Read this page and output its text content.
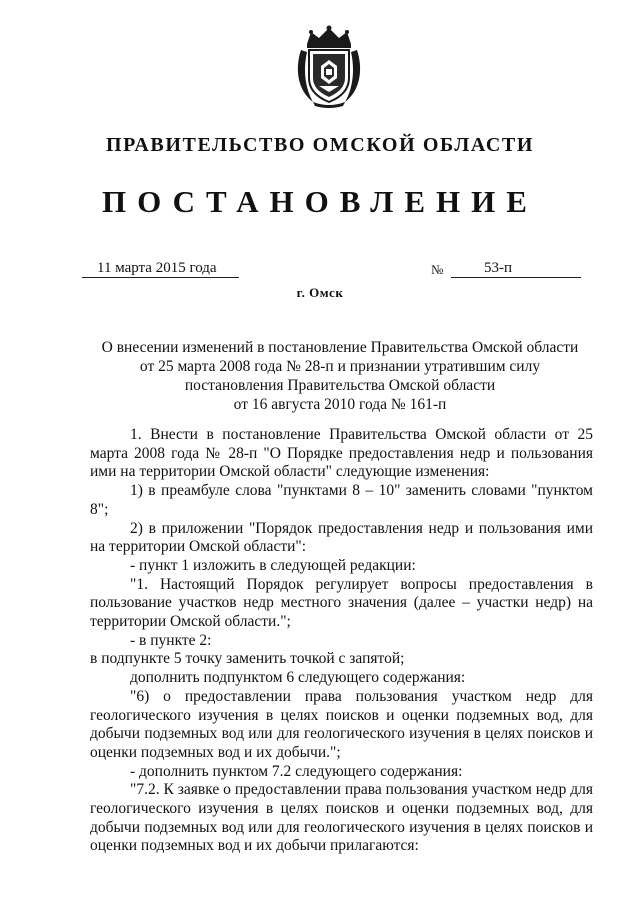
ПРАВИТЕЛЬСТВО ОМСКОЙ ОБЛАСТИ
ПОСТАНОВЛЕНИЕ
11 марта 2015 года	№	53-п
г. Омск
О внесении изменений в постановление Правительства Омской области
от 25 марта 2008 года № 28-п и признании утратившим силу
постановления Правительства Омской области
от 16 августа 2010 года № 161-п

1. Внести в постановление Правительства Омской области от 25 марта 2008 года № 28-п "О Порядке предоставления недр и пользования ими на территории Омской области" следующие изменения:

1) в преамбуле слова "пунктами 8 – 10" заменить словами "пунктом 8";

2) в приложении "Порядок предоставления недр и пользования ими на территории Омской области":

- пункт 1 изложить в следующей редакции:

"1. Настоящий Порядок регулирует вопросы предоставления в пользование участков недр местного значения (далее – участки недр) на территории Омской области.";

- в пункте 2:

в подпункте 5 точку заменить точкой с запятой;

дополнить подпунктом 6 следующего содержания:

"6) о предоставлении права пользования участком недр для геологического изучения в целях поисков и оценки подземных вод, для добычи подземных вод или для геологического изучения в целях поисков и оценки подземных вод и их добычи.";

- дополнить пунктом 7.2 следующего содержания:

"7.2. К заявке о предоставлении права пользования участком недр для геологического изучения в целях поисков и оценки подземных вод, для добычи подземных вод или для геологического изучения в целях поисков и оценки подземных вод и их добычи прилагаются:
